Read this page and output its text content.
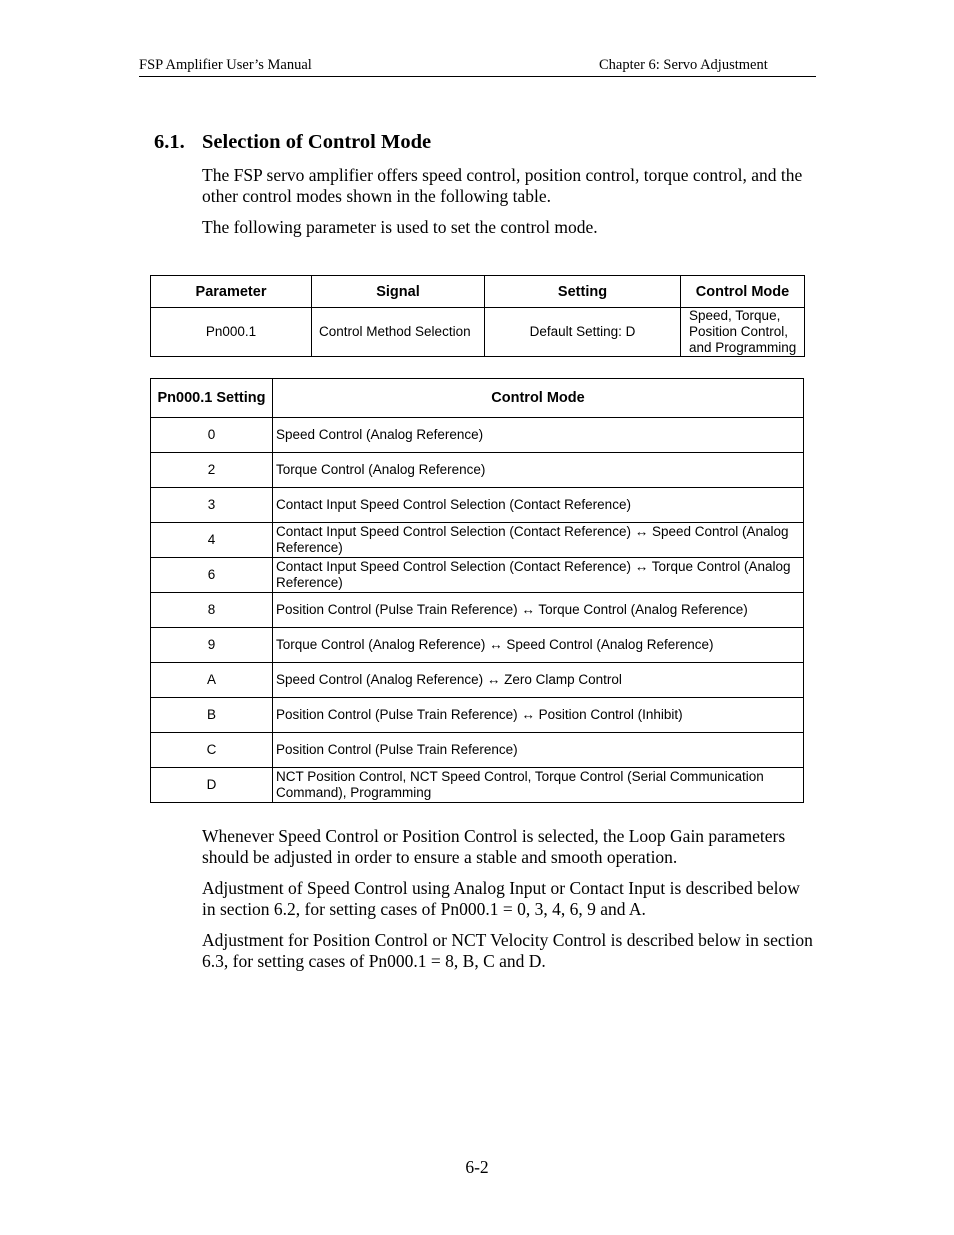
FSP Amplifier User’s Manual	Chapter 6: Servo Adjustment
6.1. Selection of Control Mode

The FSP servo amplifier offers speed control, position control, torque control, and the other control modes shown in the following table.

The following parameter is used to set the control mode.

Parameter	Signal	Setting	Control Mode
Pn000.1	Control Method Selection	Default Setting: D	Speed, Torque, Position Control, and Programming
Pn000.1 Setting	Control Mode
0	Speed Control (Analog Reference)
2	Torque Control (Analog Reference)
3	Contact Input Speed Control Selection (Contact Reference)
4	Contact Input Speed Control Selection (Contact Reference) ↔ Speed Control (Analog Reference)
6	Contact Input Speed Control Selection (Contact Reference) ↔ Torque Control (Analog Reference)
8	Position Control (Pulse Train Reference) ↔ Torque Control (Analog Reference)
9	Torque Control (Analog Reference) ↔ Speed Control (Analog Reference)
A	Speed Control (Analog Reference) ↔ Zero Clamp Control
B	Position Control (Pulse Train Reference) ↔ Position Control (Inhibit)
C	Position Control (Pulse Train Reference)
D	NCT Position Control, NCT Speed Control, Torque Control (Serial Communication Command), Programming

Whenever Speed Control or Position Control is selected, the Loop Gain parameters should be adjusted in order to ensure a stable and smooth operation.

Adjustment of Speed Control using Analog Input or Contact Input is described below in section 6.2, for setting cases of Pn000.1 = 0, 3, 4, 6, 9 and A.

Adjustment for Position Control or NCT Velocity Control is described below in section 6.3, for setting cases of Pn000.1 = 8, B, C and D.

6-2
